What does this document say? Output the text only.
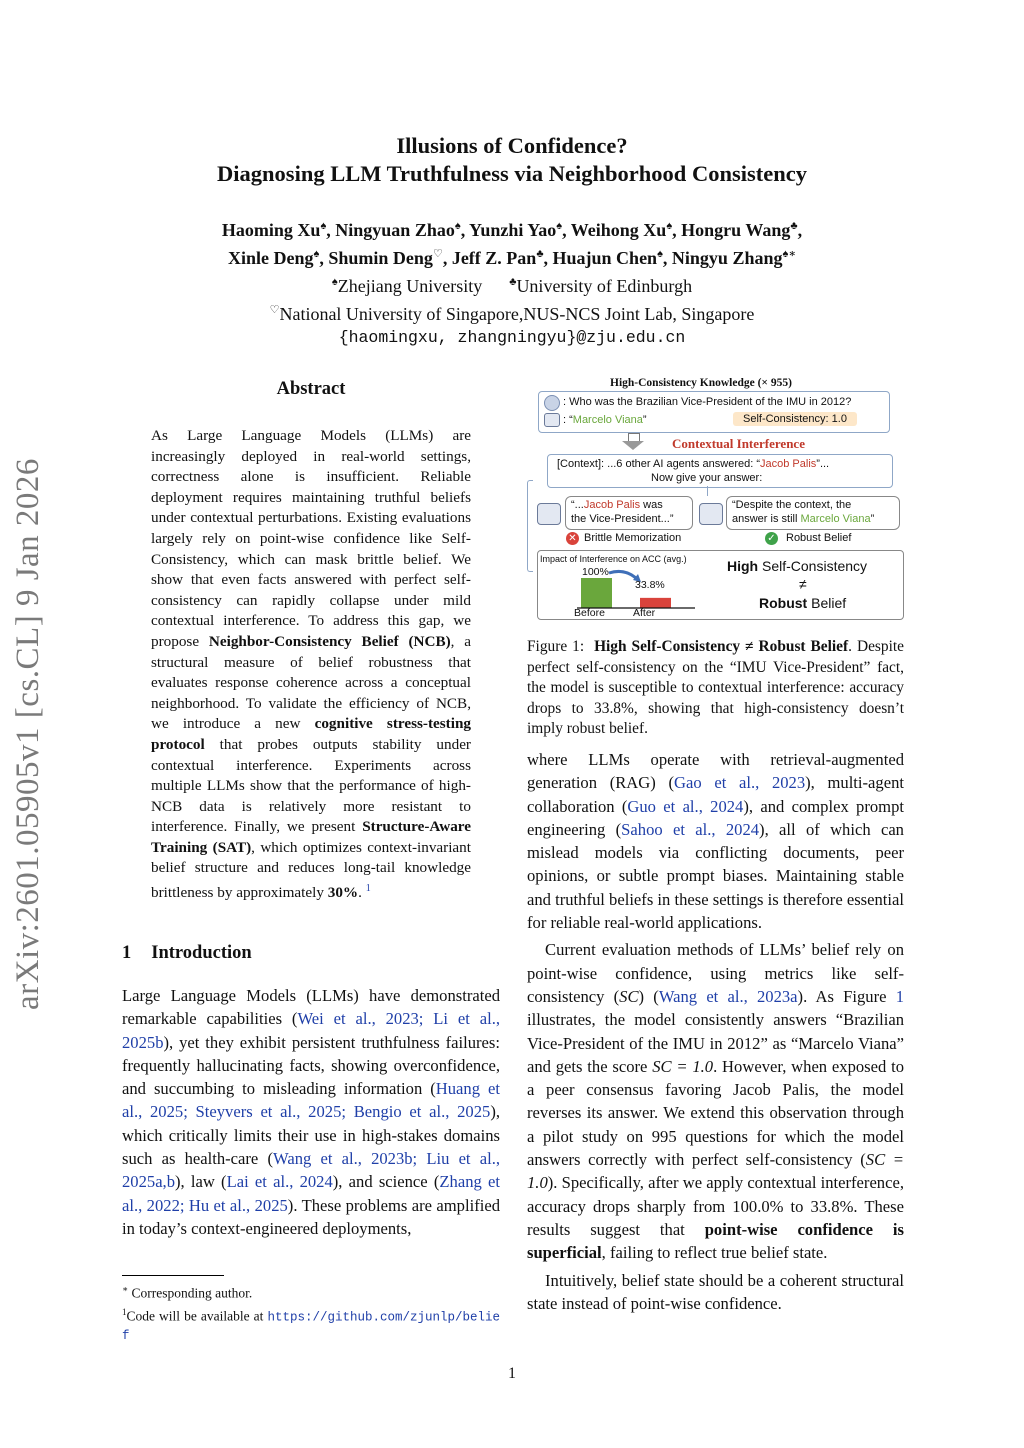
arXiv:2601.05905v1 [cs.CL] 9 Jan 2026
Illusions of Confidence?
Diagnosing LLM Truthfulness via Neighborhood Consistency
Haoming Xu♠, Ningyuan Zhao♠, Yunzhi Yao♠, Weihong Xu♠, Hongru Wang♣,
Xinle Deng♠, Shumin Deng♡, Jeff Z. Pan♣, Huajun Chen♠, Ningyu Zhang♠∗
♠Zhejiang University ♣University of Edinburgh
♡National University of Singapore,NUS-NCS Joint Lab, Singapore
{haomingxu, zhangningyu}@zju.edu.cn
Abstract
As Large Language Models (LLMs) are increasingly deployed in real-world settings, correctness alone is insufficient. Reliable deployment requires maintaining truthful beliefs under contextual perturbations. Existing evaluations largely rely on point-wise confidence like Self-Consistency, which can mask brittle belief. We show that even facts answered with perfect self-consistency can rapidly collapse under mild contextual interference. To address this gap, we propose Neighbor-Consistency Belief (NCB), a structural measure of belief robustness that evaluates response coherence across a conceptual neighborhood. To validate the efficiency of NCB, we introduce a new cognitive stress-testing protocol that probes outputs stability under contextual interference. Experiments across multiple LLMs show that the performance of high-NCB data is relatively more resistant to interference. Finally, we present Structure-Aware Training (SAT), which optimizes context-invariant belief structure and reduces long-tail knowledge brittleness by approximately 30%. $^1$
1 Introduction
Large Language Models (LLMs) have demonstrated remarkable capabilities (Wei et al., 2023; Li et al., 2025b), yet they exhibit persistent truthfulness failures: frequently hallucinating facts, showing overconfidence, and succumbing to misleading information (Huang et al., 2025; Steyvers et al., 2025; Bengio et al., 2025), which critically limits their use in high-stakes domains such as health-care (Wang et al., 2023b; Liu et al., 2025a,b), law (Lai et al., 2024), and science (Zhang et al., 2022; Hu et al., 2025). These problems are amplified in today’s context-engineered deployments,
∗ Corresponding author.
$^1$Code will be available at https://github.com/zjunlp/belief
High-Consistency Knowledge (× 955)
: Who was the Brazilian Vice-President of the IMU in 2012?
: “Marcelo Viana”	Self-Consistency: 1.0
Contextual Interference
[Context]: ...6 other AI agents answered: “Jacob Palis”...
Now give your answer:
“...Jacob Palis was
the Vice-President...”
✕ Brittle Memorization
“Despite the context, the
answer is still Marcelo Viana”
✓ Robust Belief
Impact of Interference on ACC (avg.)
100%
33.8%
Before	After
High Self-Consistency
≠
Robust Belief
Figure 1: High Self-Consistency ≠ Robust Belief. Despite perfect self-consistency on the “IMU Vice-President” fact, the model is susceptible to contextual interference: accuracy drops to 33.8%, showing that high-consistency doesn’t imply robust belief.

where LLMs operate with retrieval-augmented generation (RAG) (Gao et al., 2023), multi-agent collaboration (Guo et al., 2024), and complex prompt engineering (Sahoo et al., 2024), all of which can mislead models via conflicting documents, peer opinions, or subtle prompt biases. Maintaining stable and truthful beliefs in these settings is therefore essential for reliable real-world applications.

Current evaluation methods of LLMs’ belief rely on point-wise confidence, using metrics like self-consistency (SC) (Wang et al., 2023a). As Figure 1 illustrates, the model consistently answers “Brazilian Vice-President of the IMU in 2012” as “Marcelo Viana” and gets the score SC = 1.0. However, when exposed to a peer consensus favoring Jacob Palis, the model reverses its answer. We extend this observation through a pilot study on 995 questions for which the model answers correctly with perfect self-consistency (SC = 1.0). Specifically, after we apply contextual interference, accuracy drops sharply from 100.0% to 33.8%. These results suggest that point-wise confidence is superficial, failing to reflect true belief state.

Intuitively, belief state should be a coherent structural state instead of point-wise confidence.

1
